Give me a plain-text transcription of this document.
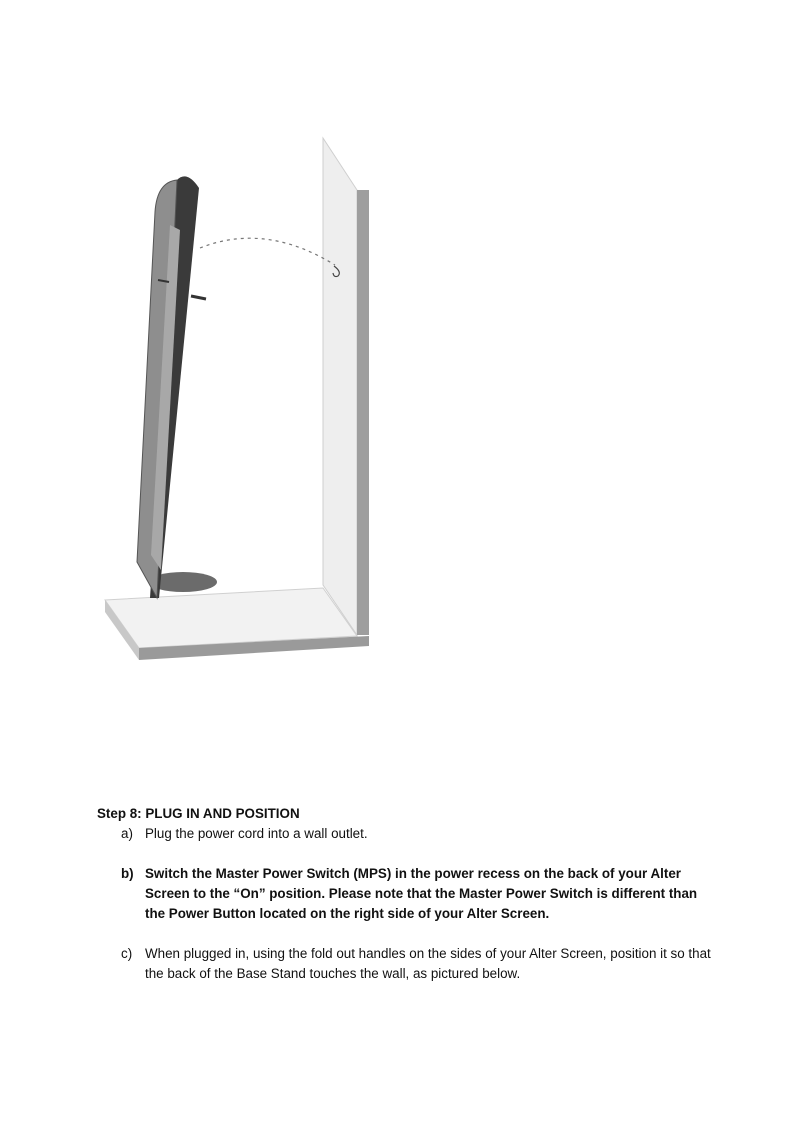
Step 8: PLUG IN AND POSITION

a) Plug the power cord into a wall outlet.
b) Switch the Master Power Switch (MPS) in the power recess on the back of your Alter Screen to the “On” position. Please note that the Master Power Switch is different than the Power Button located on the right side of your Alter Screen.
c) When plugged in, using the fold out handles on the sides of your Alter Screen, position it so that the back of the Base Stand touches the wall, as pictured below.
